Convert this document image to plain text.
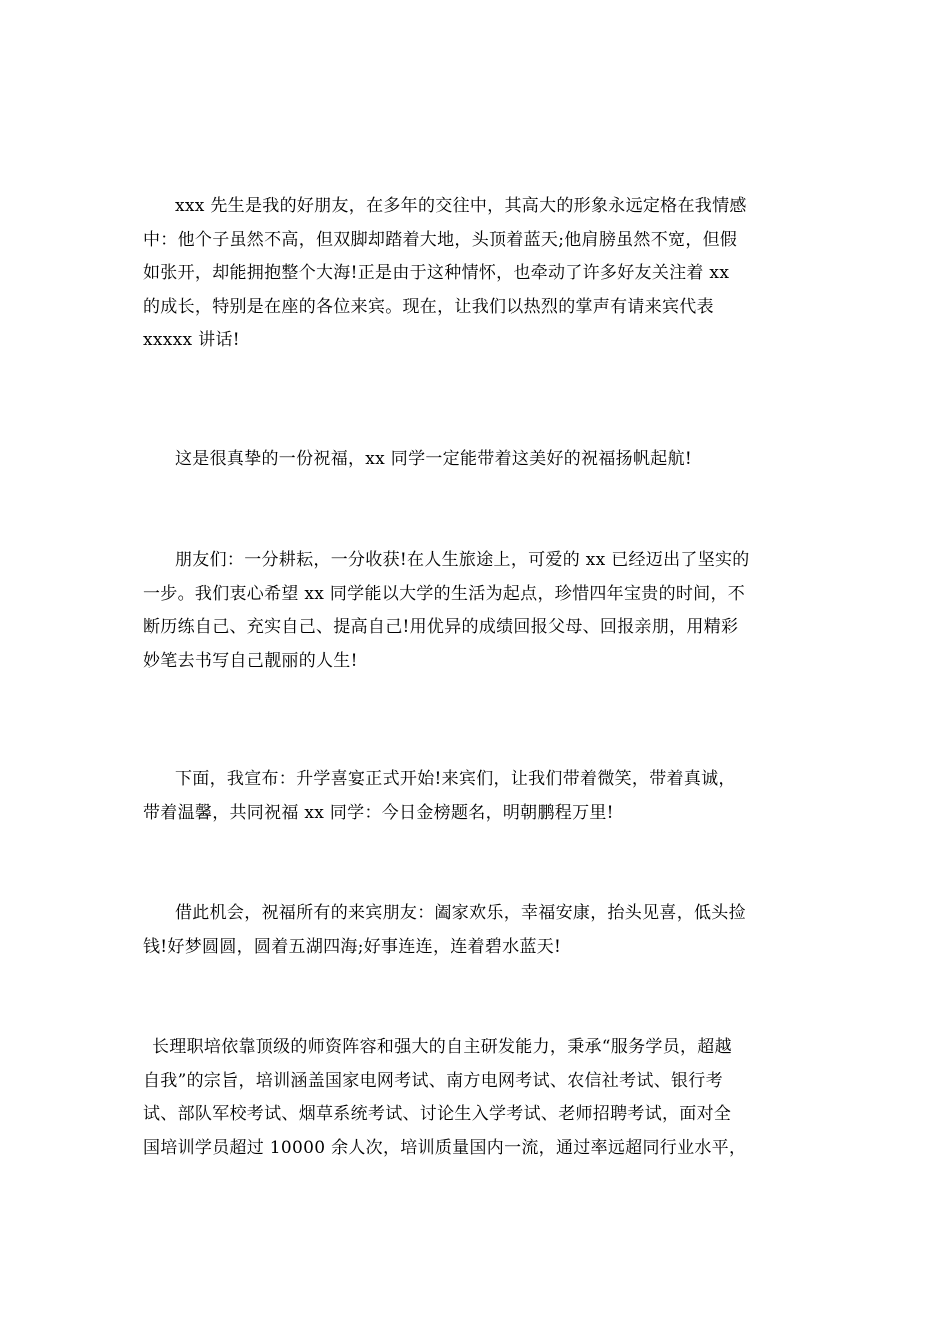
xxx 先生是我的好朋友，在多年的交往中，其高大的形象永远定格在我情感
中：他个子虽然不高，但双脚却踏着大地，头顶着蓝天;他肩膀虽然不宽，但假
如张开，却能拥抱整个大海!正是由于这种情怀，也牵动了许多好友关注着 xx
的成长，特别是在座的各位来宾。现在，让我们以热烈的掌声有请来宾代表
xxxxx 讲话!

这是很真挚的一份祝福，xx 同学一定能带着这美好的祝福扬帆起航!

朋友们：一分耕耘，一分收获!在人生旅途上，可爱的 xx 已经迈出了坚实的
一步。我们衷心希望 xx 同学能以大学的生活为起点，珍惜四年宝贵的时间，不
断历练自己、充实自己、提高自己!用优异的成绩回报父母、回报亲朋，用精彩
妙笔去书写自己靓丽的人生!

下面，我宣布：升学喜宴正式开始!来宾们，让我们带着微笑，带着真诚，
带着温馨，共同祝福 xx 同学：今日金榜题名，明朝鹏程万里!

借此机会，祝福所有的来宾朋友：阖家欢乐，幸福安康，抬头见喜，低头捡
钱!好梦圆圆，圆着五湖四海;好事连连，连着碧水蓝天!

长理职培依靠顶级的师资阵容和强大的自主研发能力，秉承“服务学员，超越
自我”的宗旨，培训涵盖国家电网考试、南方电网考试、农信社考试、银行考
试、部队军校考试、烟草系统考试、讨论生入学考试、老师招聘考试，面对全
国培训学员超过 10000 余人次，培训质量国内一流，通过率远超同行业水平，
